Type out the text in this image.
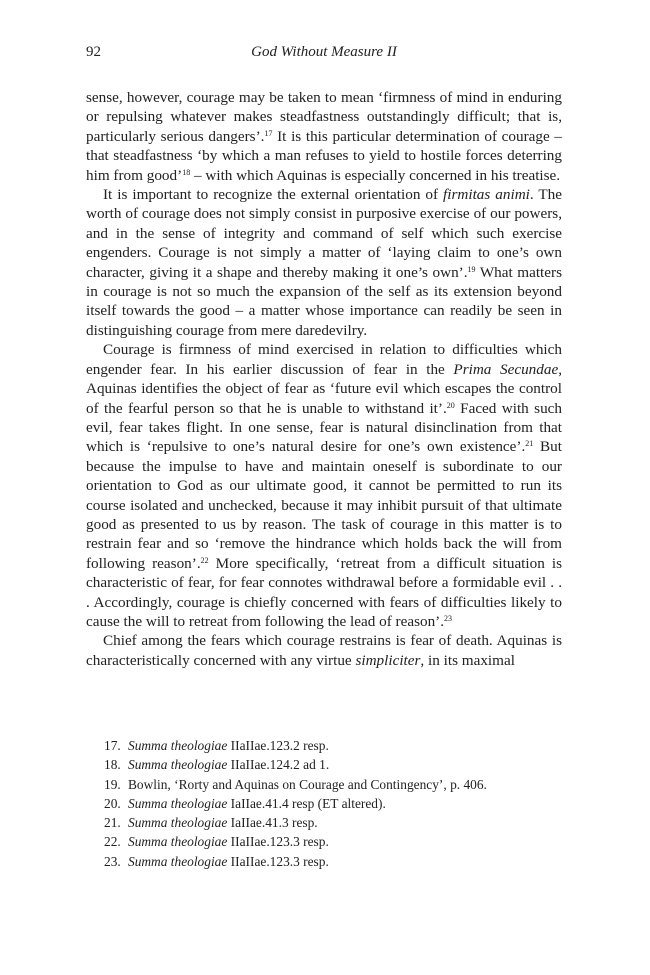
92	God Without Measure II

sense, however, courage may be taken to mean ‘firmness of mind in enduring or repulsing whatever makes steadfastness outstandingly difficult; that is, particularly serious dangers’.$^{17}$ It is this particular determination of courage – that steadfastness ‘by which a man refuses to yield to hostile forces deterring him from good’$^{18}$ – with which Aquinas is especially concerned in his treatise.

It is important to recognize the external orientation of firmitas animi. The worth of courage does not simply consist in purposive exercise of our powers, and in the sense of integrity and command of self which such exercise engenders. Courage is not simply a matter of ‘laying claim to one’s own character, giving it a shape and thereby making it one’s own’.$^{19}$ What matters in courage is not so much the expansion of the self as its extension beyond itself towards the good – a matter whose importance can readily be seen in distinguishing courage from mere daredevilry.

Courage is firmness of mind exercised in relation to difficulties which engender fear. In his earlier discussion of fear in the Prima Secundae, Aquinas identifies the object of fear as ‘future evil which escapes the control of the fearful person so that he is unable to withstand it’.$^{20}$ Faced with such evil, fear takes flight. In one sense, fear is natural disinclination from that which is ‘repulsive to one’s natural desire for one’s own existence’.$^{21}$ But because the impulse to have and maintain oneself is subordinate to our orientation to God as our ultimate good, it cannot be permitted to run its course isolated and unchecked, because it may inhibit pursuit of that ultimate good as presented to us by reason. The task of courage in this matter is to restrain fear and so ‘remove the hindrance which holds back the will from following reason’.$^{22}$ More specifically, ‘retreat from a difficult situation is characteristic of fear, for fear connotes withdrawal before a formidable evil . . . Accordingly, courage is chiefly concerned with fears of difficulties likely to cause the will to retreat from following the lead of reason’.$^{23}$

Chief among the fears which courage restrains is fear of death. Aquinas is characteristically concerned with any virtue simpliciter, in its maximal

17. Summa theologiae IIaIIae.123.2 resp.
18. Summa theologiae IIaIIae.124.2 ad 1.
19. Bowlin, ‘Rorty and Aquinas on Courage and Contingency’, p. 406.
20. Summa theologiae IaIIae.41.4 resp (ET altered).
21. Summa theologiae IaIIae.41.3 resp.
22. Summa theologiae IIaIIae.123.3 resp.
23. Summa theologiae IIaIIae.123.3 resp.
